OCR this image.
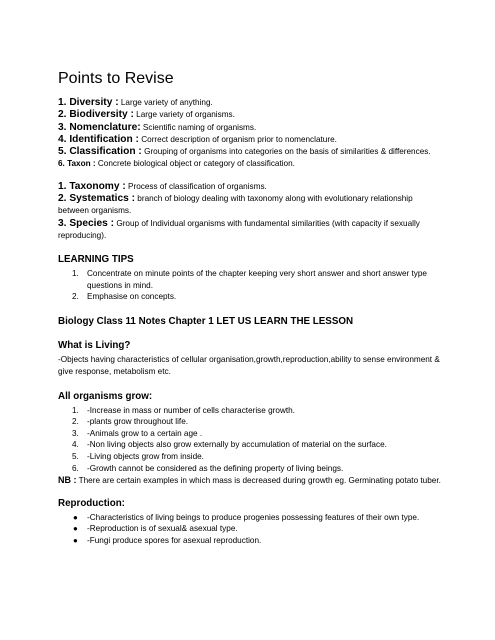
Points to Revise

1. Diversity : Large variety of anything.

2. Biodiversity : Large variety of organisms.

3. Nomenclature: Scientific naming of organisms.

4. Identification : Correct description of organism prior to nomenclature.

5. Classification : Grouping of organisms into categories on the basis of similarities & differences.

6. Taxon : Concrete biological object or category of classification.

1. Taxonomy : Process of classification of organisms.

2. Systematics : branch of biology dealing with taxonomy along with evolutionary relationship between organisms.

3. Species : Group of Individual organisms with fundamental similarities (with capacity if sexually reproducing).

LEARNING TIPS
1. Concentrate on minute points of the chapter keeping very short answer and short answer type questions in mind.
2. Emphasise on concepts.
Biology Class 11 Notes Chapter 1 LET US LEARN THE LESSON
What is Living?

-Objects having characteristics of cellular organisation,growth,reproduction,ability to sense environment & give response, metabolism etc.

All organisms grow:
1. -Increase in mass or number of cells characterise growth.
2. -plants grow throughout life.
3. -Animals grow to a certain age .
4. -Non living objects also grow externally by accumulation of material on the surface.
5. -Living objects grow from inside.
6. -Growth cannot be considered as the defining property of living beings.

NB : There are certain examples in which mass is decreased during growth eg. Germinating potato tuber.

Reproduction:
● -Characteristics of living beings to produce progenies possessing features of their own type.
● -Reproduction is of sexual& asexual type.
● -Fungi produce spores for asexual reproduction.
